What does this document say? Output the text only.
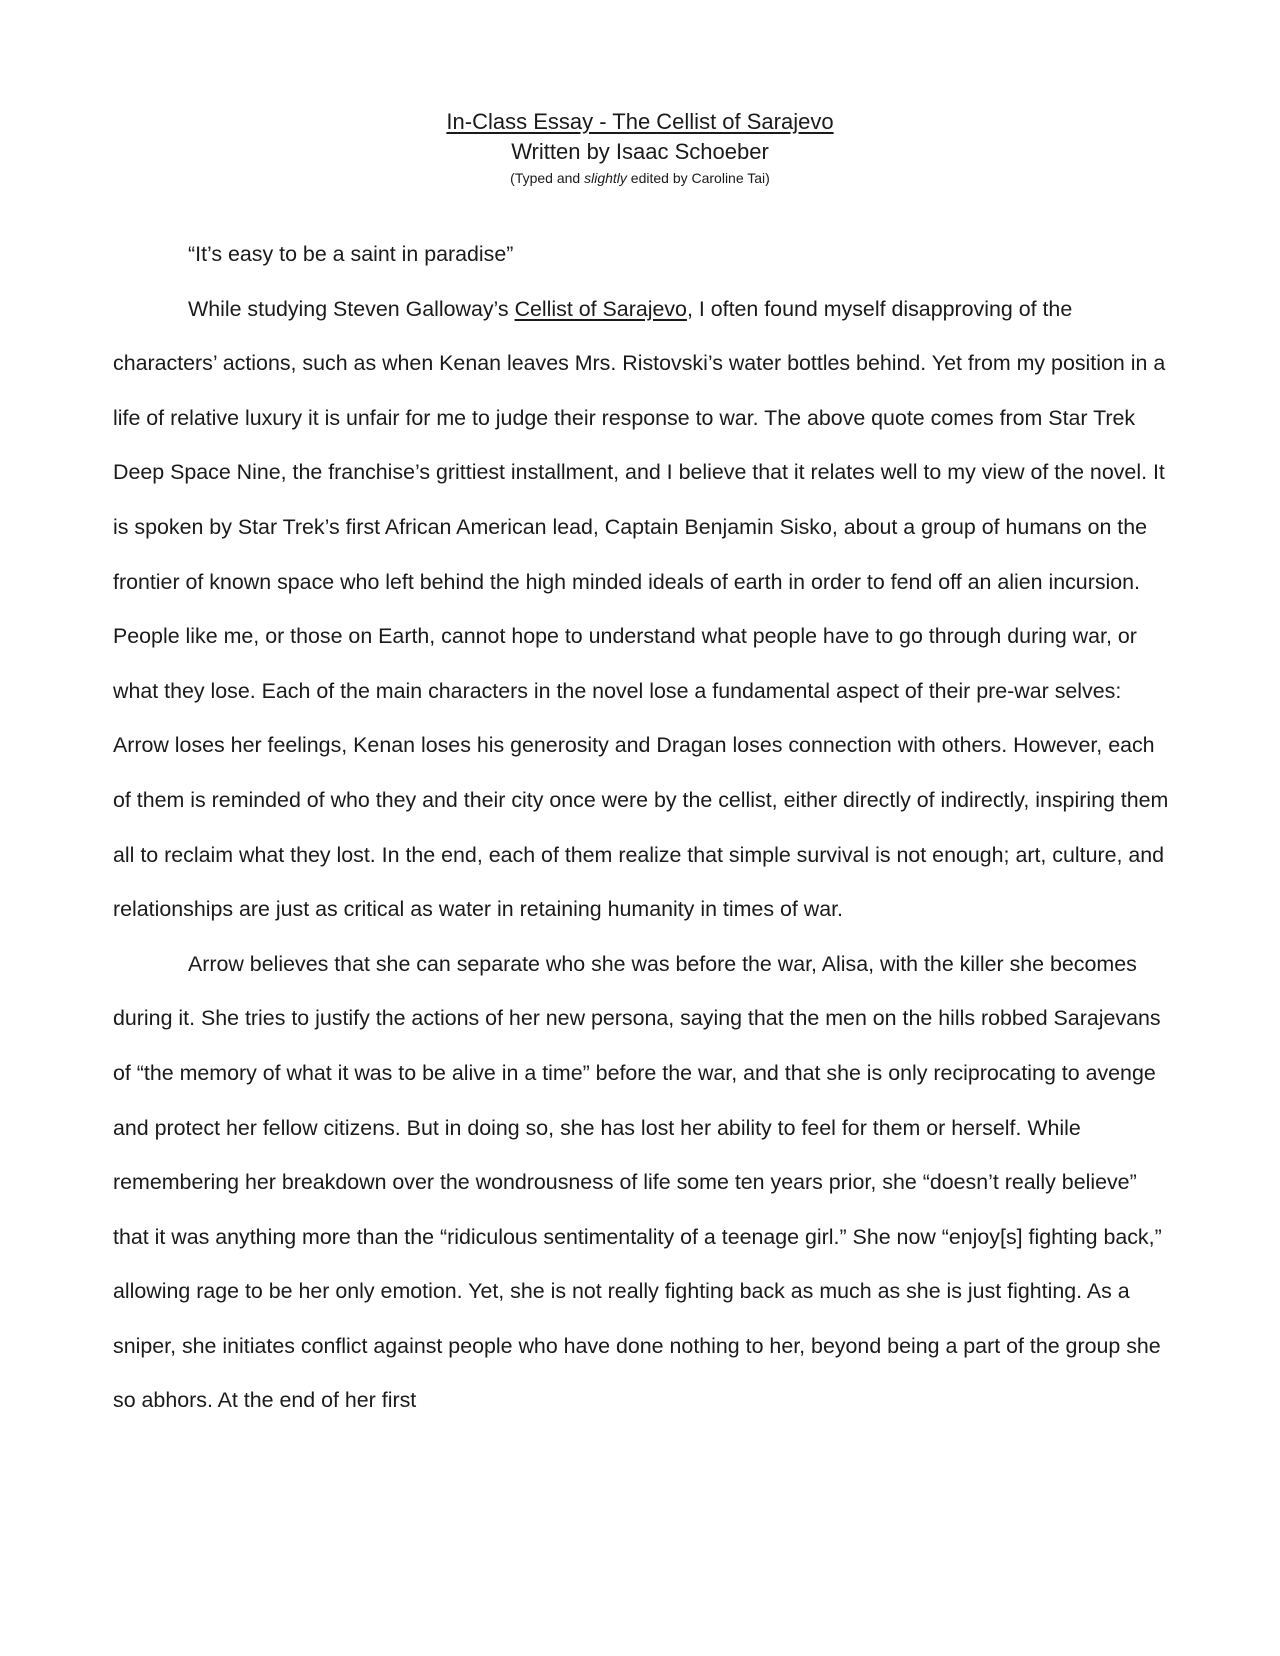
In-Class Essay - The Cellist of Sarajevo
Written by Isaac Schoeber
(Typed and slightly edited by Caroline Tai)

“It’s easy to be a saint in paradise”

While studying Steven Galloway’s Cellist of Sarajevo, I often found myself disapproving of the characters’ actions, such as when Kenan leaves Mrs. Ristovski’s water bottles behind. Yet from my position in a life of relative luxury it is unfair for me to judge their response to war. The above quote comes from Star Trek Deep Space Nine, the franchise’s grittiest installment, and I believe that it relates well to my view of the novel. It is spoken by Star Trek’s first African American lead, Captain Benjamin Sisko, about a group of humans on the frontier of known space who left behind the high minded ideals of earth in order to fend off an alien incursion. People like me, or those on Earth, cannot hope to understand what people have to go through during war, or what they lose. Each of the main characters in the novel lose a fundamental aspect of their pre-war selves: Arrow loses her feelings, Kenan loses his generosity and Dragan loses connection with others. However, each of them is reminded of who they and their city once were by the cellist, either directly of indirectly, inspiring them all to reclaim what they lost. In the end, each of them realize that simple survival is not enough; art, culture, and relationships are just as critical as water in retaining humanity in times of war.

Arrow believes that she can separate who she was before the war, Alisa, with the killer she becomes during it. She tries to justify the actions of her new persona, saying that the men on the hills robbed Sarajevans of “the memory of what it was to be alive in a time” before the war, and that she is only reciprocating to avenge and protect her fellow citizens. But in doing so, she has lost her ability to feel for them or herself. While remembering her breakdown over the wondrousness of life some ten years prior, she “doesn’t really believe” that it was anything more than the “ridiculous sentimentality of a teenage girl.” She now “enjoy[s] fighting back,” allowing rage to be her only emotion. Yet, she is not really fighting back as much as she is just fighting. As a sniper, she initiates conflict against people who have done nothing to her, beyond being a part of the group she so abhors. At the end of her first
